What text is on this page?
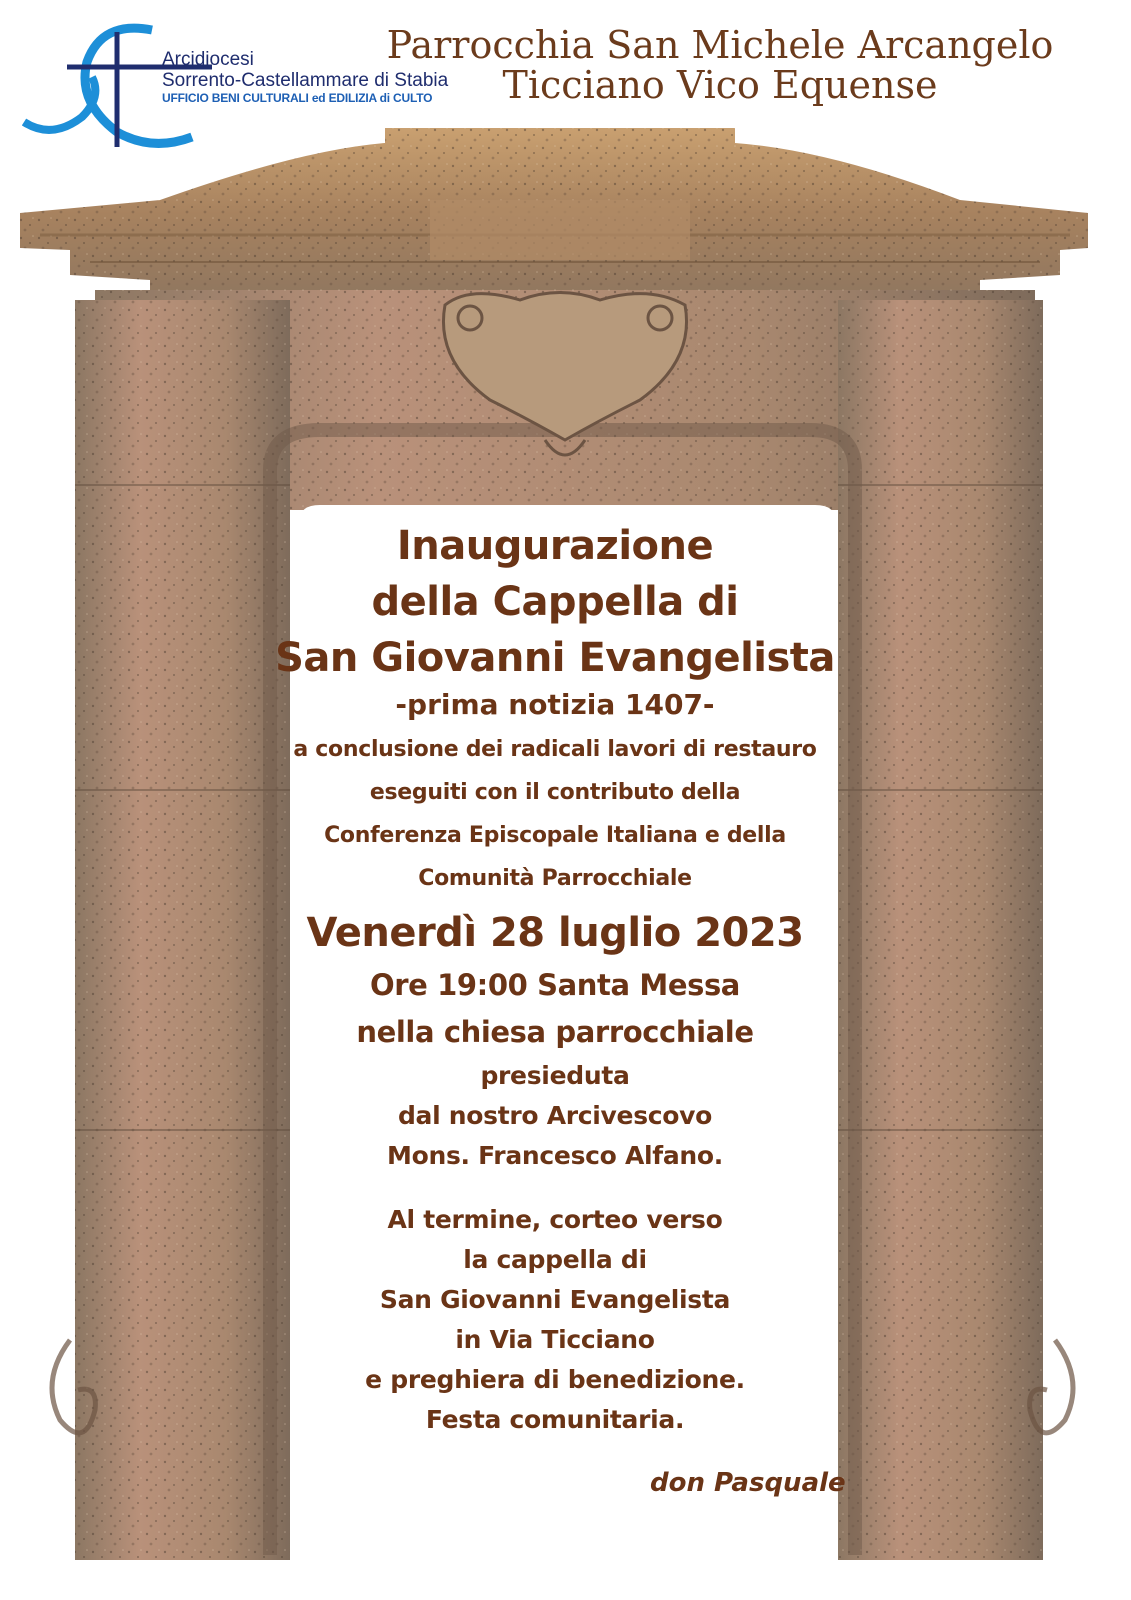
Arcidiocesi
Sorrento-Castellammare di Stabia
UFFICIO BENI CULTURALI ed EDILIZIA di CULTO
Parrocchia San Michele Arcangelo
Ticciano Vico Equense
Inaugurazione
della Cappella di
San Giovanni Evangelista
-prima notizia 1407-
a conclusione dei radicali lavori di restauro
eseguiti con il contributo della
Conferenza Episcopale Italiana e della
Comunità Parrocchiale
Venerdì 28 luglio 2023
Ore 19:00 Santa Messa
nella chiesa parrocchiale
presieduta
dal nostro Arcivescovo
Mons. Francesco Alfano.
Al termine, corteo verso
la cappella di
San Giovanni Evangelista
in Via Ticciano
e preghiera di benedizione.
Festa comunitaria.
don Pasquale
